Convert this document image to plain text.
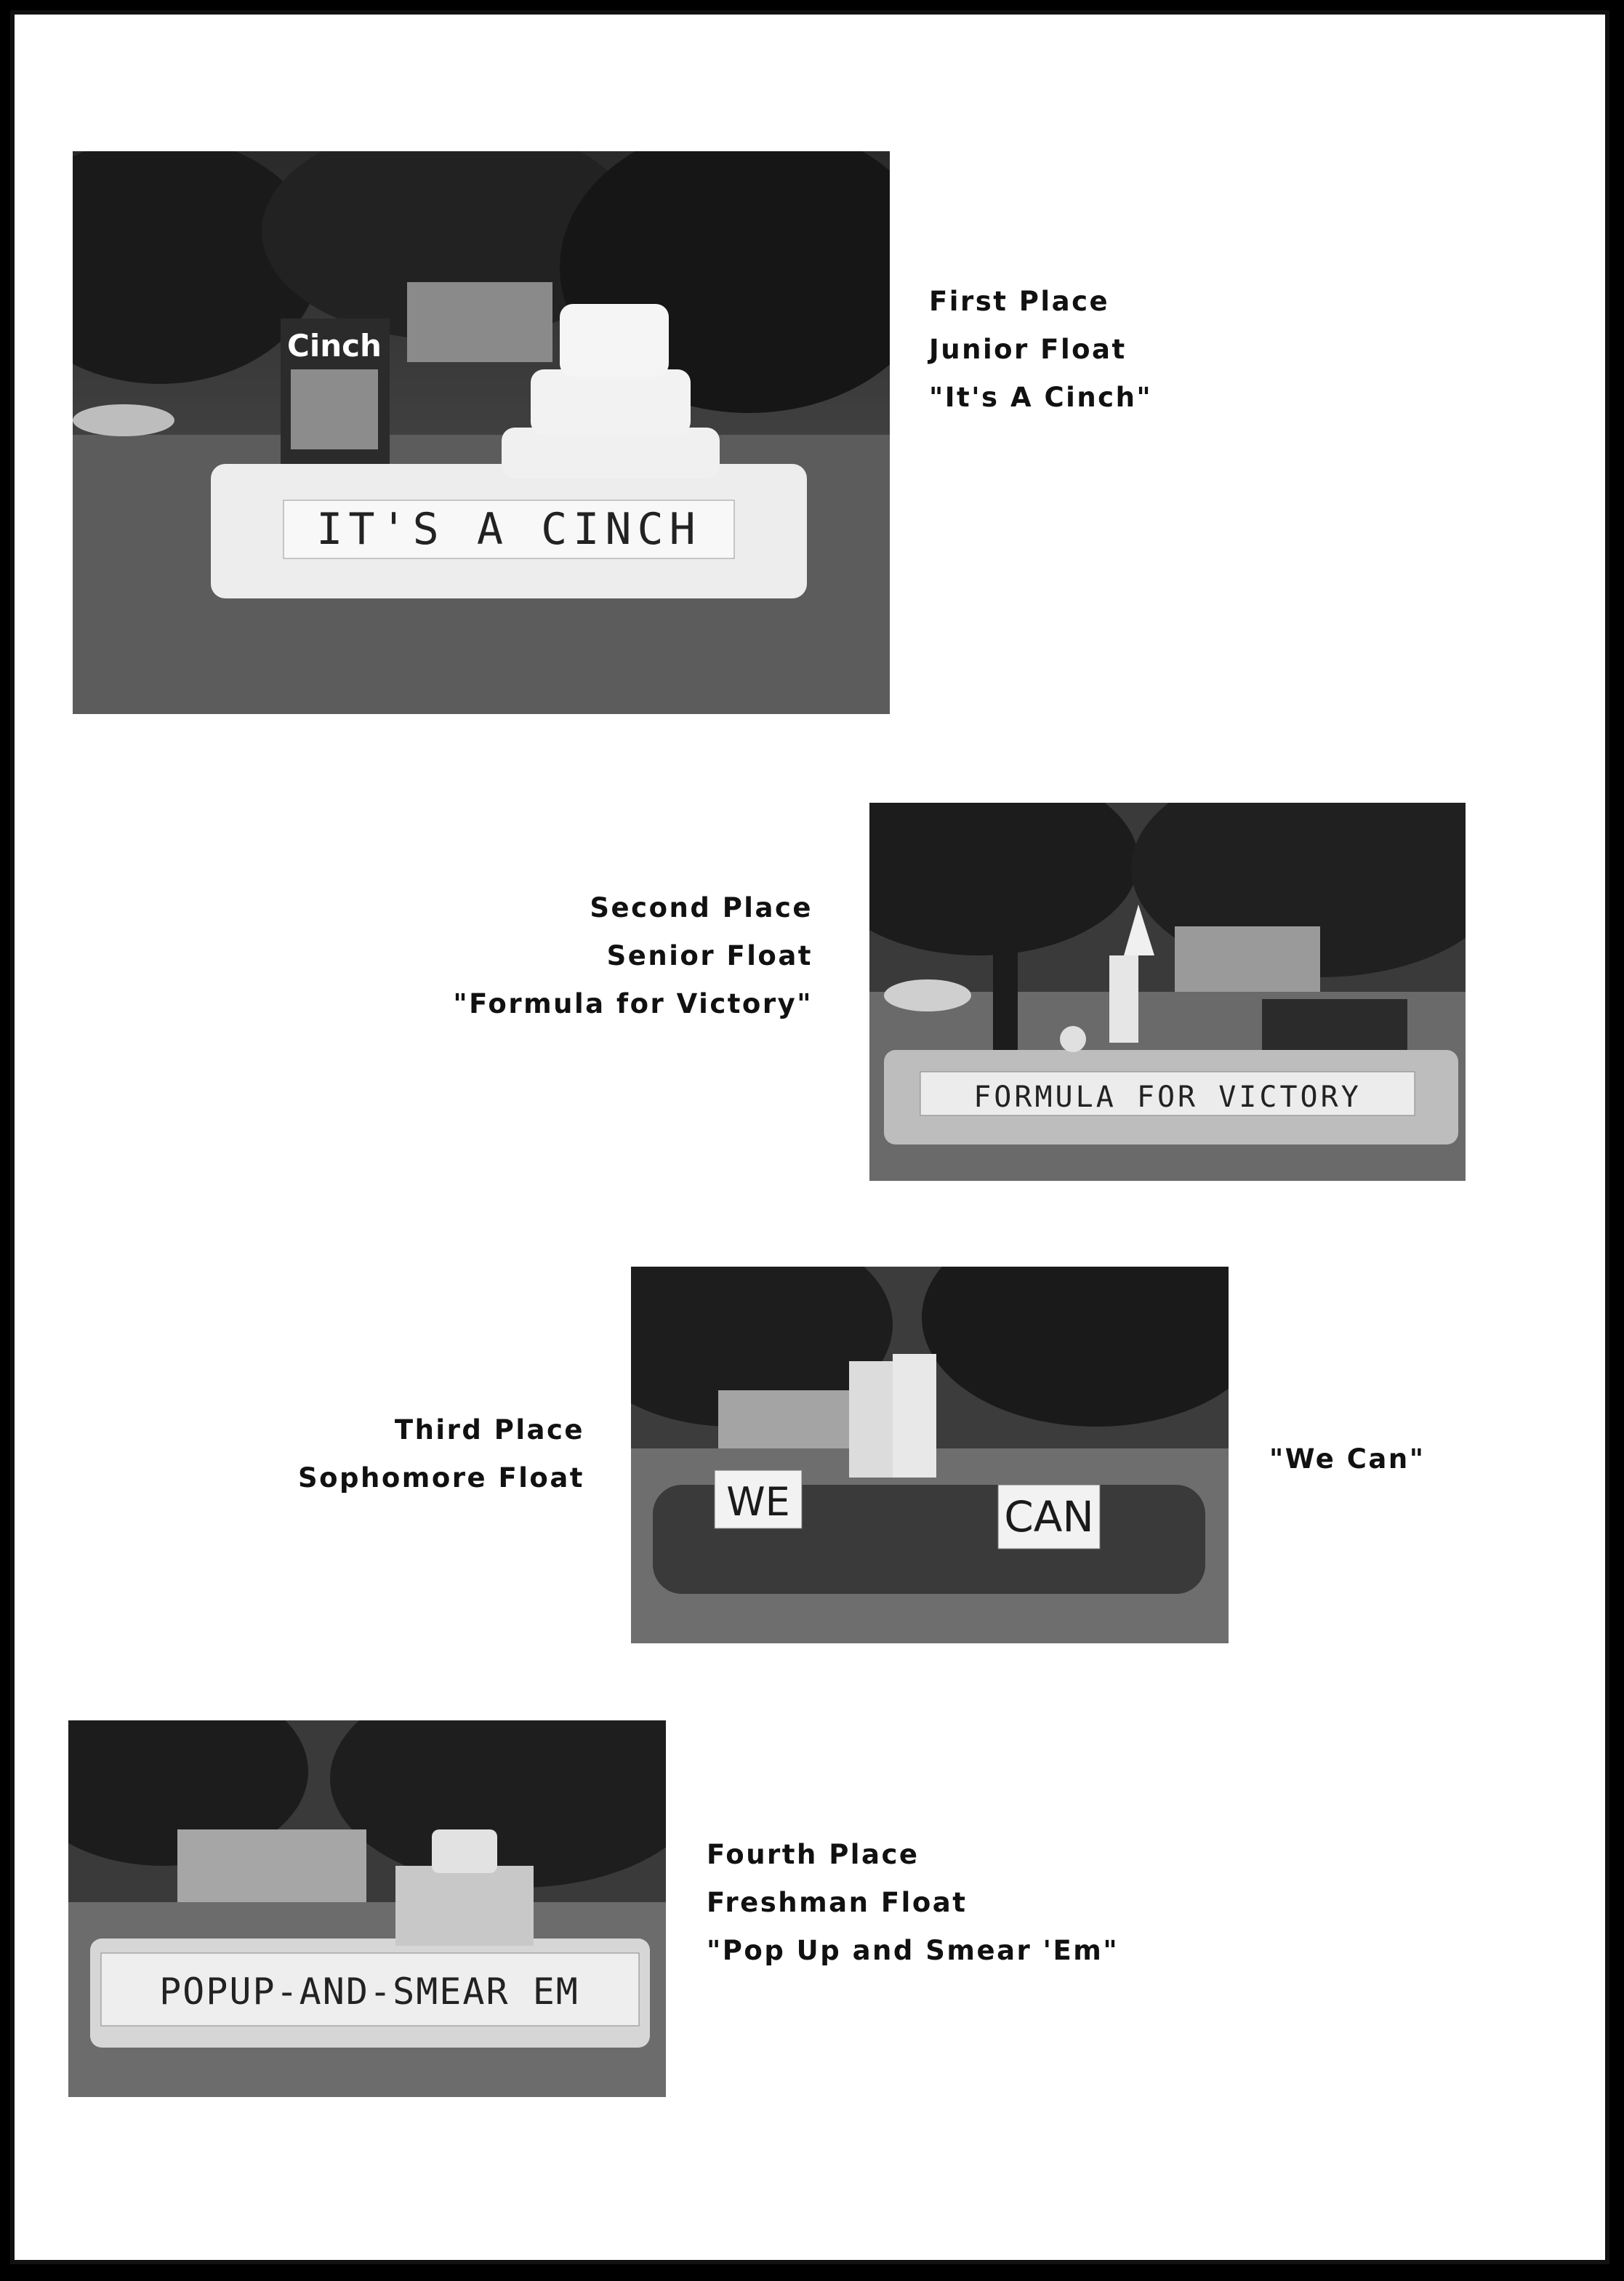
IT'S A CINCH
Cinch
First Place
Junior Float
"It's A Cinch"
Second Place
Senior Float
"Formula for Victory"
FORMULA FOR VICTORY
Third Place
Sophomore Float
WE	CAN
"We Can"
POPUP-AND-SMEAR EM
Fourth Place
Freshman Float
"Pop Up and Smear 'Em"
